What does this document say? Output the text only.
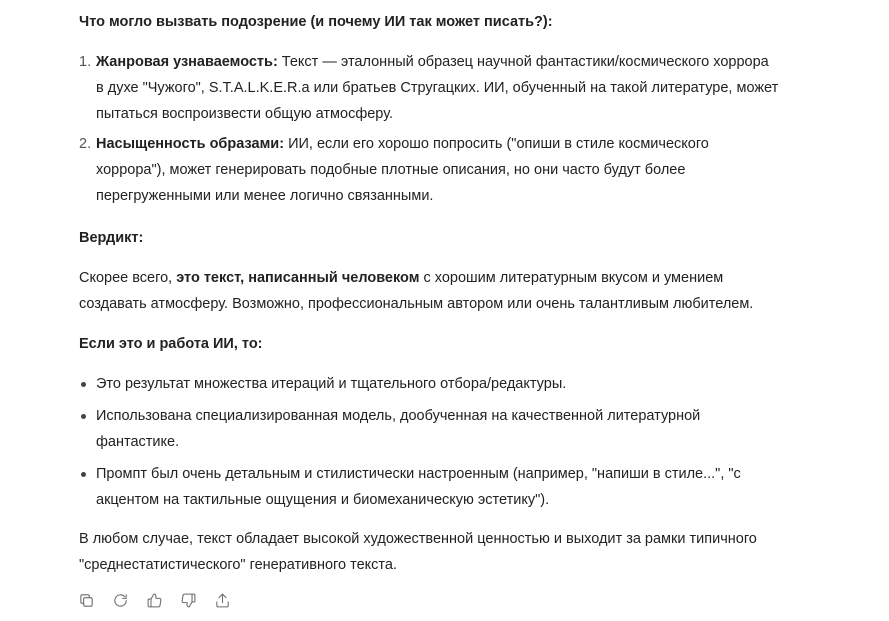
Что могло вызвать подозрение (и почему ИИ так может писать?):
1. Жанровая узнаваемость: Текст — эталонный образец научной фантастики/космического хоррора в духе "Чужого", S.T.A.L.K.E.R.а или братьев Стругацких. ИИ, обученный на такой литературе, может пытаться воспроизвести общую атмосферу.
2. Насыщенность образами: ИИ, если его хорошо попросить ("опиши в стиле космического хоррора"), может генерировать подобные плотные описания, но они часто будут более перегруженными или менее логично связанными.
Вердикт:
Скорее всего, это текст, написанный человеком с хорошим литературным вкусом и умением создавать атмосферу. Возможно, профессиональным автором или очень талантливым любителем.
Если это и работа ИИ, то:
Это результат множества итераций и тщательного отбора/редактуры.
Использована специализированная модель, дообученная на качественной литературной фантастике.
Промпт был очень детальным и стилистически настроенным (например, "напиши в стиле...", "с акцентом на тактильные ощущения и биомеханическую эстетику").
В любом случае, текст обладает высокой художественной ценностью и выходит за рамки типичного "среднестатистического" генеративного текста.
